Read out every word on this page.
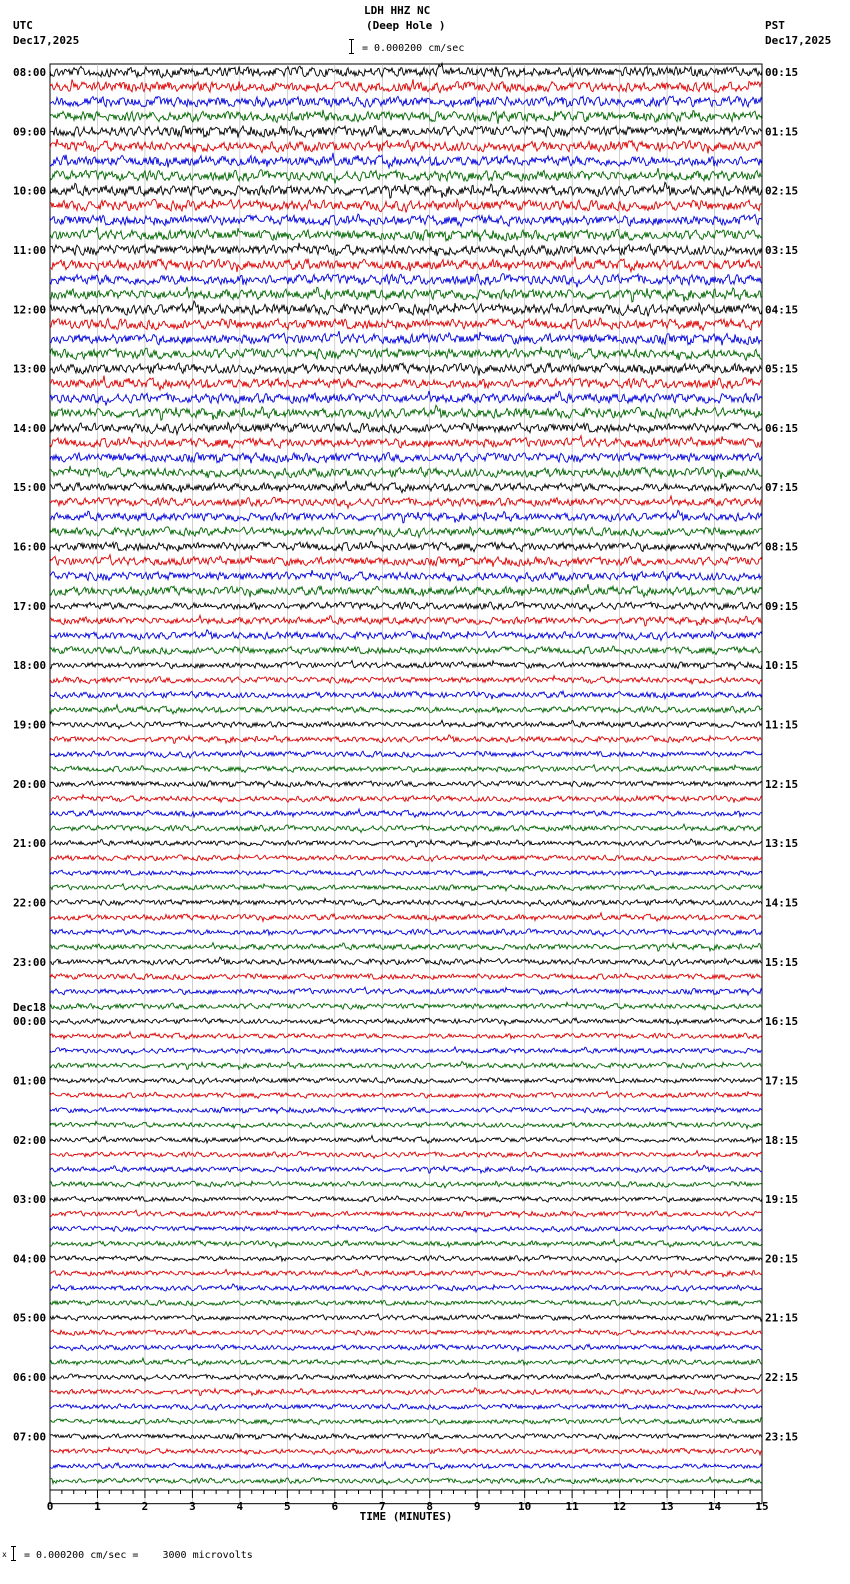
LDH HHZ NC
(Deep Hole )
= 0.000200 cm/sec
UTC
Dec17,2025
PST
Dec17,2025
08:00	00:15
09:00	01:15
10:00	02:15
11:00	03:15
12:00	04:15
13:00	05:15
14:00	06:15
15:00	07:15
16:00	08:15
17:00	09:15
18:00	10:15
19:00	11:15
20:00	12:15
21:00	13:15
22:00	14:15
23:00	15:15
00:00	16:15
01:00	17:15
02:00	18:15
03:00	19:15
04:00	20:15
05:00	21:15
06:00	22:15
07:00	23:15
Dec18
0	1	2	3	4	5	6	7	8	9	10	11	12	13	14	15
TIME (MINUTES)
x = 0.000200 cm/sec =    3000 microvolts
